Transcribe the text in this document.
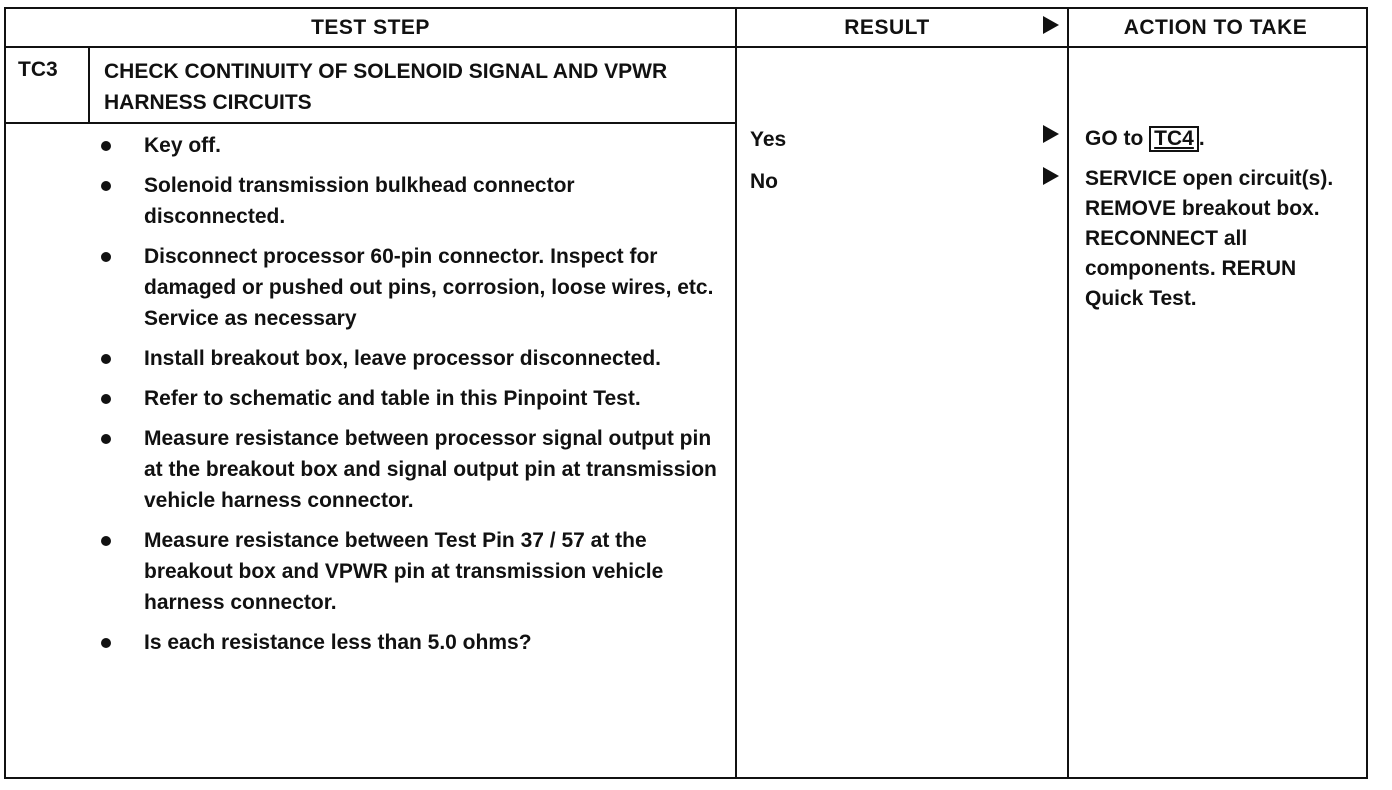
TEST STEP	RESULT	ACTION TO TAKE
TC3 CHECK CONTINUITY OF SOLENOID SIGNAL AND VPWR HARNESS CIRCUITS
Key off.
Solenoid transmission bulkhead connector disconnected.
Disconnect processor 60-pin connector. Inspect for damaged or pushed out pins, corrosion, loose wires, etc. Service as necessary
Install breakout box, leave processor disconnected.
Refer to schematic and table in this Pinpoint Test.
Measure resistance between processor signal output pin at the breakout box and signal output pin at transmission vehicle harness connector.
Measure resistance between Test Pin 37 / 57 at the breakout box and VPWR pin at transmission vehicle harness connector.
Is each resistance less than 5.0 ohms?
Yes
No
GO to TC4 .
SERVICE open circuit(s). REMOVE breakout box. RECONNECT all components. RERUN Quick Test.
